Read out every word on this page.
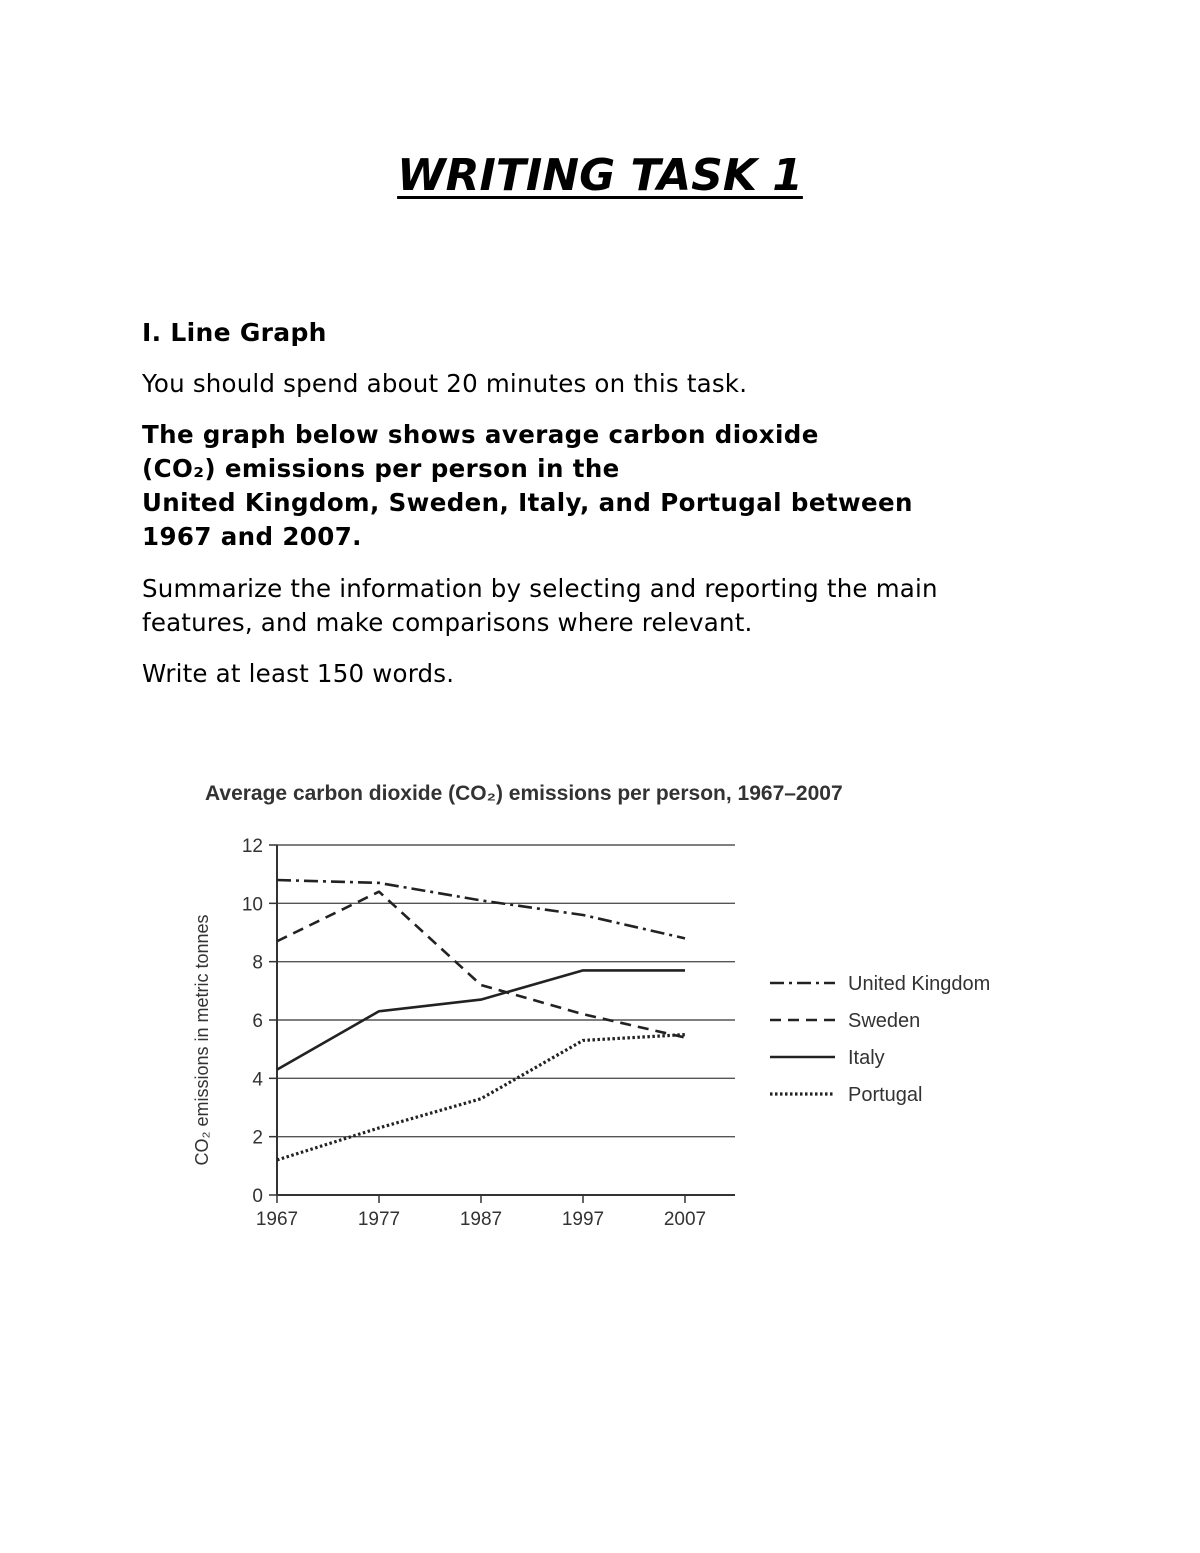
WRITING TASK 1
I. Line Graph

You should spend about 20 minutes on this task.

The graph below shows average carbon dioxide
(CO₂) emissions per person in the
United Kingdom, Sweden, Italy, and Portugal between
1967 and 2007.
Summarize the information by selecting and reporting the main
features, and make comparisons where relevant.

Write at least 150 words.

Average carbon dioxide (CO₂) emissions per person, 1967–2007
0
2
4
6
8
10
12
1967	1977	1987	1997	2007
United Kingdom
Sweden
Italy
Portugal
CO₂ emissions in metric tonnes
